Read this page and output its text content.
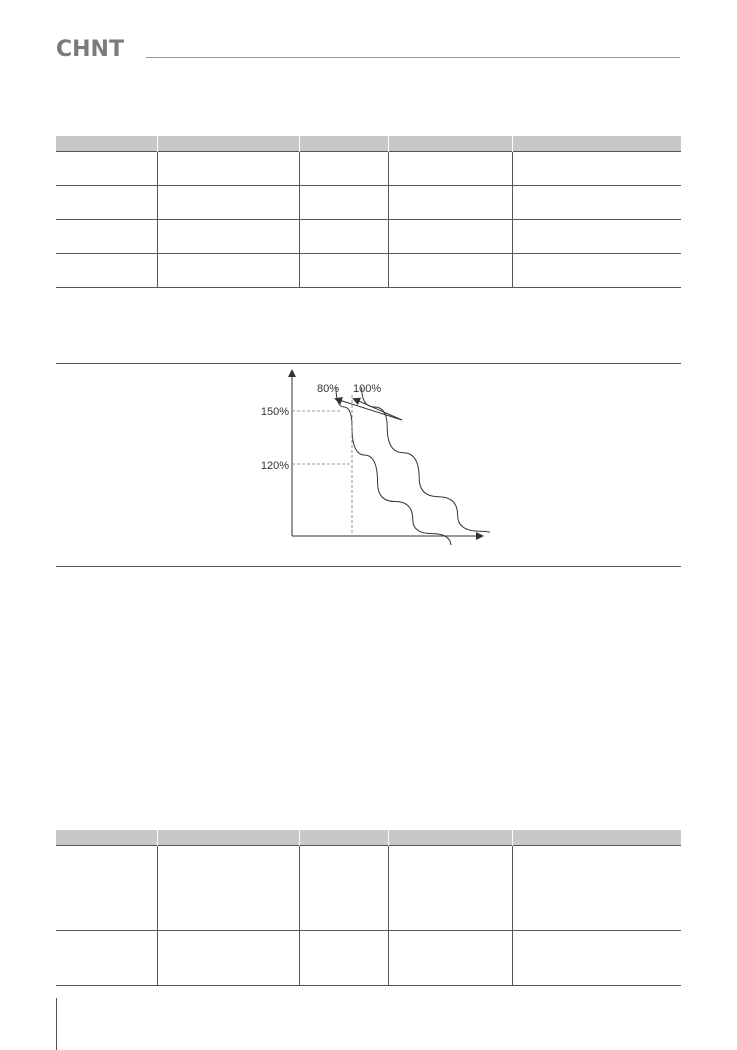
CHNT

150%
120%
80% 100%
